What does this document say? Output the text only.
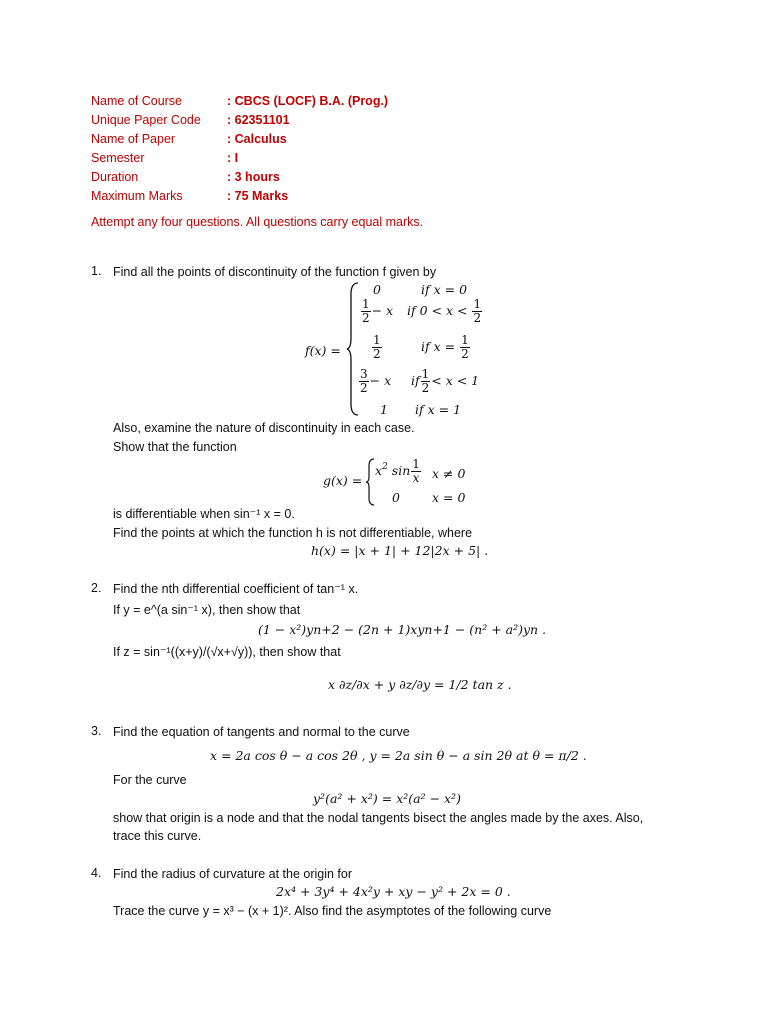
Name of Course	: CBCS (LOCF) B.A. (Prog.)
Unique Paper Code : 62351101
Name of Paper	: Calculus
Semester	: I
Duration	: 3 hours
Maximum Marks	: 75 Marks
Attempt any four questions. All questions carry equal marks.
1. Find all the points of discontinuity of the function f given by
f(x) =
0	if x = 0
$\frac{1}{2} - x$ if $0 < x < \frac{1}{2}$
$\frac{1}{2}$	if $x = \frac{1}{2}$
$\frac{3}{2} - x$ if $\frac{1}{2} < x < 1$
1 if x = 1
Also, examine the nature of discontinuity in each case.
Show that the function
g(x) =
$x^2$ $\sin \frac{1}{x}$ x ≠ 0
0	x = 0
is differentiable when sin⁻¹ x = 0.
Find the points at which the function h is not differentiable, where
h(x) = |x + 1| + 12|2x + 5| .
2. Find the nth differential coefficient of tan⁻¹ x.
If y = e^(a sin⁻¹ x), then show that
(1 − x²)yn+2 − (2n + 1)xyn+1 − (n² + a²)yn .
If z = sin⁻¹((x+y)/(√x+√y)), then show that
x ∂z/∂x + y ∂z/∂y = 1/2 tan z .
3. Find the equation of tangents and normal to the curve
x = 2a cos θ − a cos 2θ , y = 2a sin θ − a sin 2θ at θ = π/2 .
For the curve
y²(a² + x²) = x²(a² − x²)
show that origin is a node and that the nodal tangents bisect the angles made by the axes. Also,
trace this curve.
4. Find the radius of curvature at the origin for
2x⁴ + 3y⁴ + 4x²y + xy − y² + 2x = 0 .
Trace the curve y = x³ − (x + 1)². Also find the asymptotes of the following curve
